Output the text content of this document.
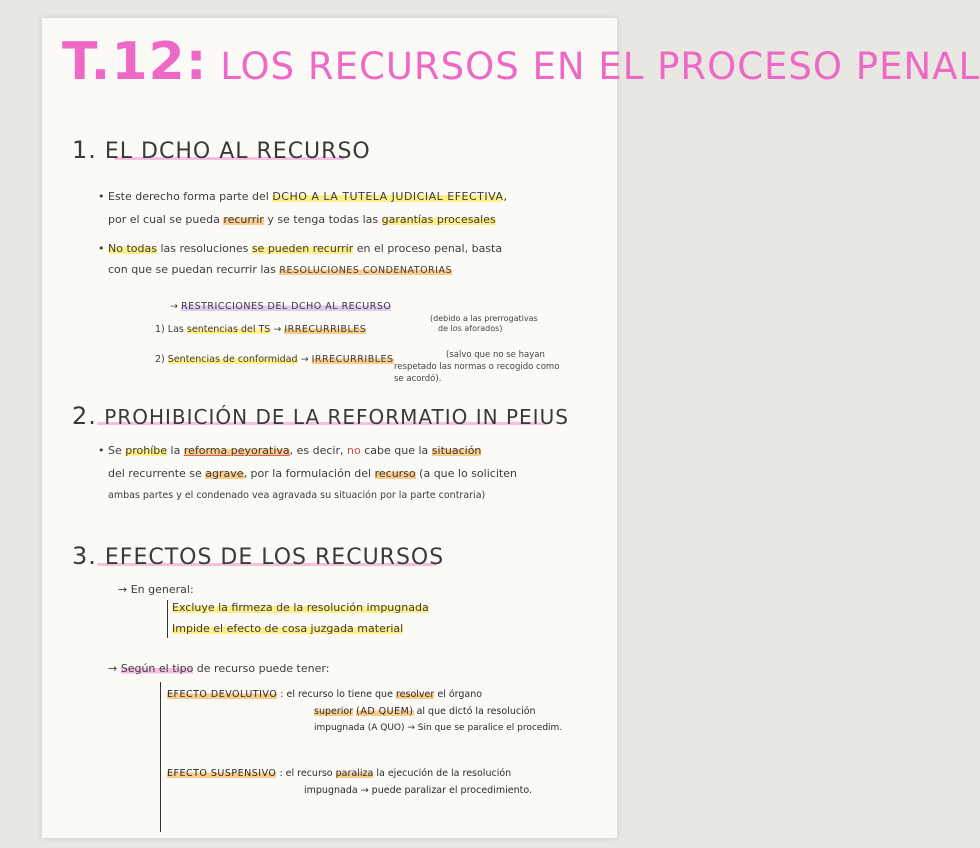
T.12: LOS RECURSOS EN EL PROCESO PENAL
1. EL DCHO AL RECURSO
• Este derecho forma parte del DCHO A LA TUTELA JUDICIAL EFECTIVA,
por el cual se pueda recurrir y se tenga todas las garantías procesales
• No todas las resoluciones se pueden recurrir en el proceso penal, basta
con que se puedan recurrir las RESOLUCIONES CONDENATORIAS
→ RESTRICCIONES DEL DCHO AL RECURSO
1) Las sentencias del TS → IRRECURRIBLES
(debido a las prerrogativas
de los aforados)
2) Sentencias de conformidad → IRRECURRIBLES	(salvo que no se hayan
respetado las normas o recogido como
se acordó).
2. PROHIBICIÓN DE LA REFORMATIO IN PEIUS
• Se prohíbe la reforma peyorativa, es decir, no cabe que la situación
del recurrente se agrave, por la formulación del recurso (a que lo soliciten
ambas partes y el condenado vea agravada su situación por la parte contraria)
3. EFECTOS DE LOS RECURSOS
→ En general:
Excluye la firmeza de la resolución impugnada
Impide el efecto de cosa juzgada material
→ Según el tipo de recurso puede tener:
EFECTO DEVOLUTIVO : el recurso lo tiene que resolver el órgano
superior (AD QUEM) al que dictó la resolución
impugnada (A QUO) → Sin que se paralice el procedim.
EFECTO SUSPENSIVO : el recurso paraliza la ejecución de la resolución
impugnada → puede paralizar el procedimiento.
